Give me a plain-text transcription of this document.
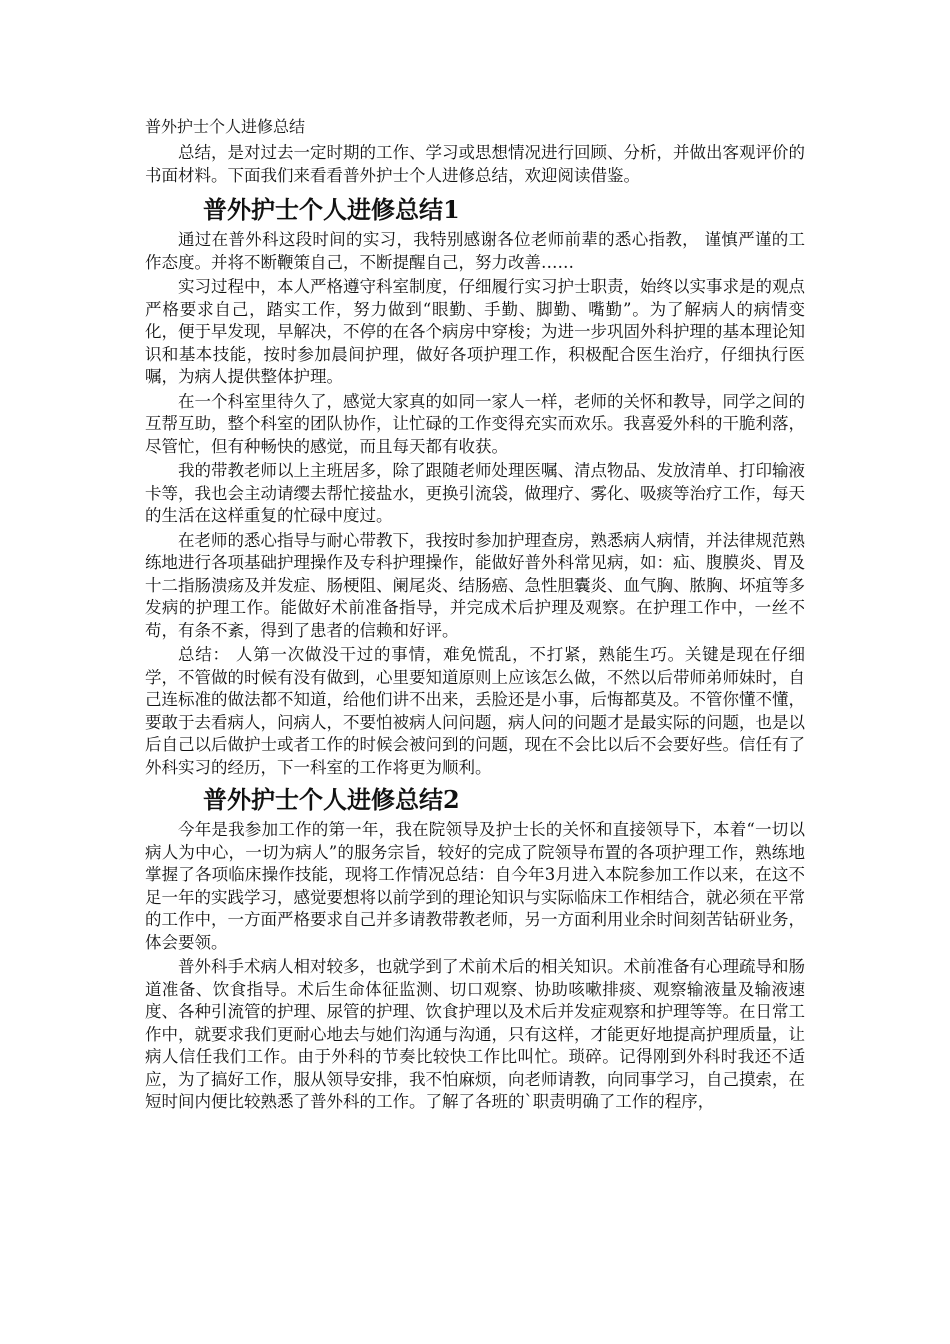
普外护士个人进修总结

总结，是对过去一定时期的工作、学习或思想情况进行回顾、分析，并做出客观评价的书面材料。下面我们来看看普外护士个人进修总结，欢迎阅读借鉴。

普外护士个人进修总结1

通过在普外科这段时间的实习，我特别感谢各位老师前辈的悉心指教， 谨慎严谨的工作态度。并将不断鞭策自己，不断提醒自己，努力改善……

实习过程中，本人严格遵守科室制度，仔细履行实习护士职责，始终以实事求是的观点严格要求自己，踏实工作，努力做到“眼勤、手勤、脚勤、嘴勤”。为了解病人的病情变化，便于早发现，早解决，不停的在各个病房中穿梭；为进一步巩固外科护理的基本理论知识和基本技能，按时参加晨间护理，做好各项护理工作，积极配合医生治疗，仔细执行医嘱，为病人提供整体护理。

在一个科室里待久了，感觉大家真的如同一家人一样，老师的关怀和教导，同学之间的互帮互助，整个科室的团队协作，让忙碌的工作变得充实而欢乐。我喜爱外科的干脆利落，尽管忙，但有种畅快的感觉，而且每天都有收获。

我的带教老师以上主班居多，除了跟随老师处理医嘱、清点物品、发放清单、打印输液卡等，我也会主动请缨去帮忙接盐水，更换引流袋，做理疗、雾化、吸痰等治疗工作，每天的生活在这样重复的忙碌中度过。

在老师的悉心指导与耐心带教下，我按时参加护理查房，熟悉病人病情，并法律规范熟练地进行各项基础护理操作及专科护理操作，能做好普外科常见病，如：疝、腹膜炎、胃及十二指肠溃疡及并发症、肠梗阻、阑尾炎、结肠癌、急性胆囊炎、血气胸、脓胸、坏疽等多发病的护理工作。能做好术前准备指导，并完成术后护理及观察。在护理工作中，一丝不苟，有条不紊，得到了患者的信赖和好评。

总结： 人第一次做没干过的事情，难免慌乱，不打紧，熟能生巧。关键是现在仔细学，不管做的时候有没有做到，心里要知道原则上应该怎么做，不然以后带师弟师妹时，自己连标准的做法都不知道，给他们讲不出来，丢脸还是小事，后悔都莫及。不管你懂不懂，要敢于去看病人，问病人，不要怕被病人问问题，病人问的问题才是最实际的问题，也是以后自己以后做护士或者工作的时候会被问到的问题，现在不会比以后不会要好些。信任有了外科实习的经历，下一科室的工作将更为顺利。

普外护士个人进修总结2

今年是我参加工作的第一年，我在院领导及护士长的关怀和直接领导下，本着“一切以病人为中心，一切为病人”的服务宗旨，较好的完成了院领导布置的各项护理工作，熟练地掌握了各项临床操作技能，现将工作情况总结：自今年3月进入本院参加工作以来，在这不足一年的实践学习，感觉要想将以前学到的理论知识与实际临床工作相结合，就必须在平常的工作中，一方面严格要求自己并多请教带教老师，另一方面利用业余时间刻苦钻研业务，体会要领。

普外科手术病人相对较多，也就学到了术前术后的相关知识。术前准备有心理疏导和肠道准备、饮食指导。术后生命体征监测、切口观察、协助咳嗽排痰、观察输液量及输液速度、各种引流管的护理、尿管的护理、饮食护理以及术后并发症观察和护理等等。在日常工作中，就要求我们更耐心地去与她们沟通与沟通，只有这样，才能更好地提高护理质量，让病人信任我们工作。由于外科的节奏比较快工作比叫忙。琐碎。记得刚到外科时我还不适应，为了搞好工作，服从领导安排，我不怕麻烦，向老师请教，向同事学习，自己摸索，在短时间内便比较熟悉了普外科的工作。了解了各班的`职责明确了工作的程序，
